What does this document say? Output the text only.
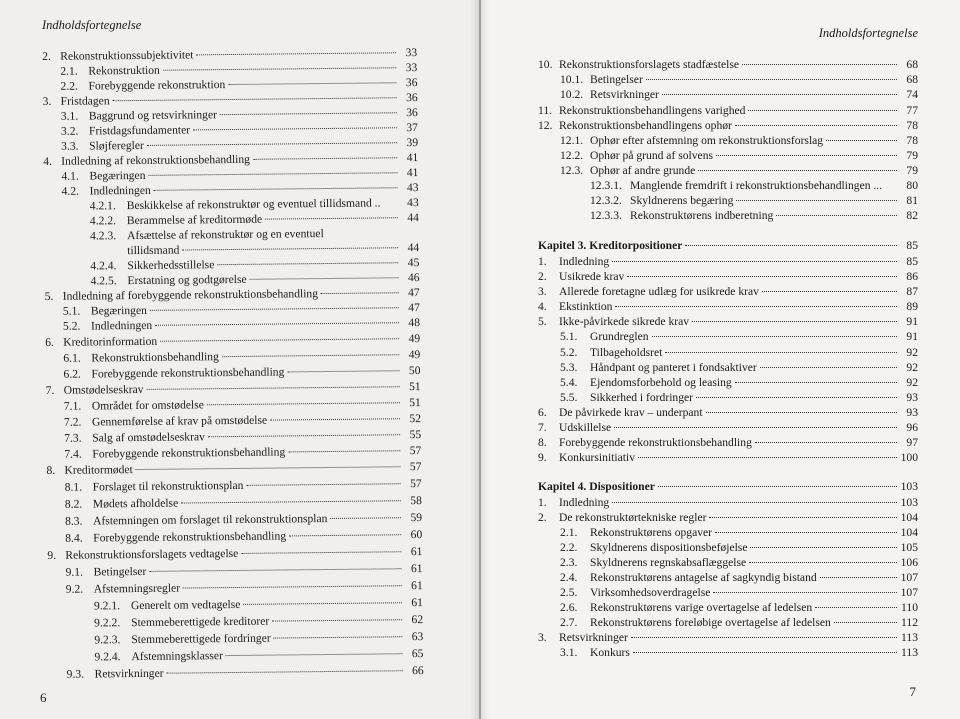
Indholdsfortegnelse
2. Rekonstruktionssubjektivitet	33
2.1. Rekonstruktion	33
2.2. Forebyggende rekonstruktion	36
3. Fristdagen	36
3.1. Baggrund og retsvirkninger	36
3.2. Fristdagsfundamenter	37
3.3. Sløjferegler	39
4. Indledning af rekonstruktionsbehandling	41
4.1. Begæringen	41
4.2. Indledningen	43
4.2.1. Beskikkelse af rekonstruktør og eventuel tillidsmand ..	43
4.2.2. Berammelse af kreditormøde	44
4.2.3. Afsættelse af rekonstruktør og en eventuel
tillidsmand	44
4.2.4. Sikkerhedsstillelse	45
4.2.5. Erstatning og godtgørelse	46
5. Indledning af forebyggende rekonstruktionsbehandling	47
5.1. Begæringen	47
5.2. Indledningen	48
6. Kreditorinformation	49
6.1. Rekonstruktionsbehandling	49
6.2. Forebyggende rekonstruktionsbehandling	50
7. Omstødelseskrav	51
7.1. Området for omstødelse	51
7.2. Gennemførelse af krav på omstødelse	52
7.3. Salg af omstødelseskrav	55
7.4. Forebyggende rekonstruktionsbehandling	57
8. Kreditormødet	57
8.1. Forslaget til rekonstruktionsplan	57
8.2. Mødets afholdelse	58
8.3. Afstemningen om forslaget til rekonstruktionsplan	59
8.4. Forebyggende rekonstruktionsbehandling	60
9. Rekonstruktionsforslagets vedtagelse	61
9.1. Betingelser	61
9.2. Afstemningsregler	61
9.2.1. Generelt om vedtagelse	61
9.2.2. Stemmeberettigede kreditorer	62
9.2.3. Stemmeberettigede fordringer	63
9.2.4. Afstemningsklasser	65
9.3. Retsvirkninger	66
6
Indholdsfortegnelse
10. Rekonstruktionsforslagets stadfæstelse	68
10.1. Betingelser	68
10.2. Retsvirkninger	74
11. Rekonstruktionsbehandlingens varighed	77
12. Rekonstruktionsbehandlingens ophør	78
12.1. Ophør efter afstemning om rekonstruktionsforslag	78
12.2. Ophør på grund af solvens	79
12.3. Ophør af andre grunde	79
12.3.1. Manglende fremdrift i rekonstruktionsbehandlingen ...	80
12.3.2. Skyldnerens begæring	81
12.3.3. Rekonstruktørens indberetning	82
Kapitel 3. Kreditorpositioner	85
1.	Indledning	85
2.	Usikrede krav	86
3.	Allerede foretagne udlæg for usikrede krav	87
4.	Ekstinktion	89
5.	Ikke-påvirkede sikrede krav	91
5.1.	Grundreglen	91
5.2.	Tilbageholdsret	92
5.3.	Håndpant og panteret i fondsaktiver	92
5.4.	Ejendomsforbehold og leasing	92
5.5.	Sikkerhed i fordringer	93
6.	De påvirkede krav – underpant	93
7.	Udskillelse	96
8.	Forebyggende rekonstruktionsbehandling	97
9.	Konkursinitiativ	100
Kapitel 4. Dispositioner	103
1.	Indledning	103
2.	De rekonstruktørtekniske regler	104
2.1.	Rekonstruktørens opgaver	104
2.2.	Skyldnerens dispositionsbeføjelse	105
2.3.	Skyldnerens regnskabsaflæggelse	106
2.4.	Rekonstruktørens antagelse af sagkyndig bistand	107
2.5.	Virksomhedsoverdragelse	107
2.6.	Rekonstruktørens varige overtagelse af ledelsen	110
2.7.	Rekonstruktørens foreløbige overtagelse af ledelsen	112
3.	Retsvirkninger	113
3.1.	Konkurs	113
7
